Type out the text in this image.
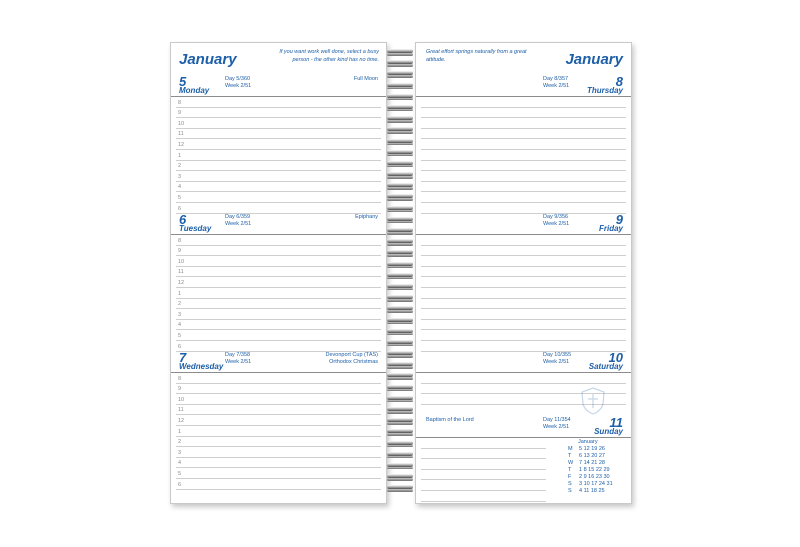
January	If you want work well done, select a busy person - the other kind has no time.
5
Monday
Day 5/360
Week 2/51
Full Moon
8
9
10
11
12
1
2
3
4
5
6
6
Tuesday
Day 6/359
Week 2/51
Epiphany
8
9
10
11
12
1
2
3
4
5
6
7
Wednesday
Day 7/358
Week 2/51
Devonport Cup (TAS)
Orthodox Christmas
8
9
10
11
12
1
2
3
4
5
6
January
Great effort springs naturally from a great attitude.
8
Thursday
Day 8/357
Week 2/51
9
Friday
Day 9/356
Week 2/51
10
Saturday
Day 10/355
Week 2/51
11
Sunday
Day 11/354
Week 2/51
Baptism of the Lord
January
M 5 12 19 26
T 6 13 20 27
W 7 14 21 28
T 1 8 15 22 29
F 2 9 16 23 30
S 3 10 17 24 31
S 4 11 18 25
